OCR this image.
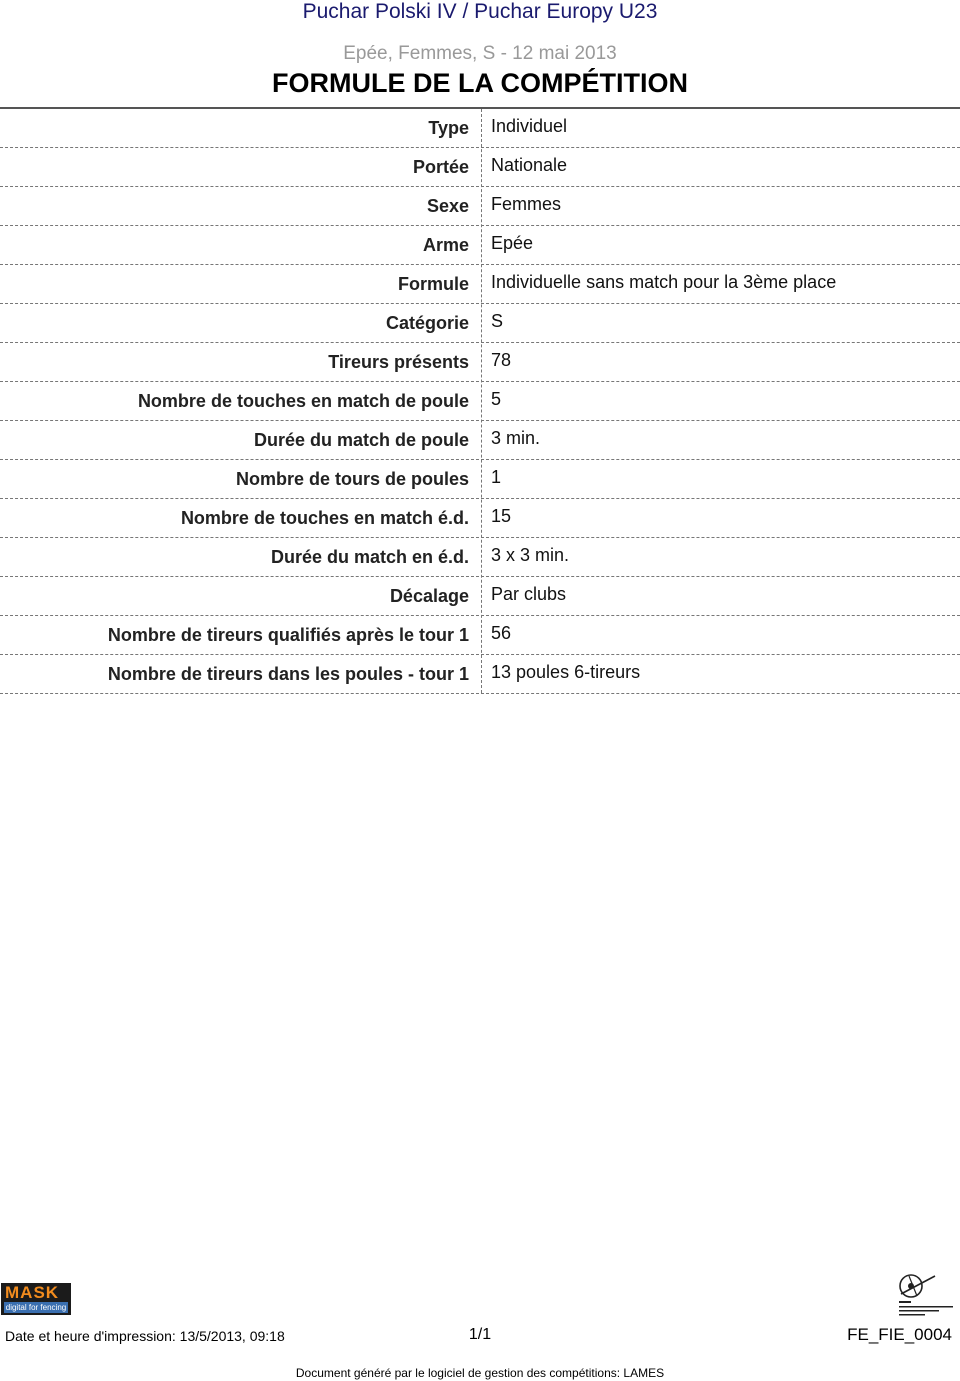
Puchar Polski IV / Puchar Europy U23
Epée, Femmes, S - 12 mai 2013
FORMULE DE LA COMPÉTITION
Type Individuel
Portée Nationale
Sexe Femmes
Arme Epée
Formule Individuelle sans match pour la 3ème place
Catégorie S
Tireurs présents 78
Nombre de touches en match de poule 5
Durée du match de poule 3 min.
Nombre de tours de poules 1
Nombre de touches en match é.d. 15
Durée du match en é.d. 3 x 3 min.
Décalage Par clubs
Nombre de tireurs qualifiés après le tour 1 56
Nombre de tireurs dans les poules - tour 1 13 poules 6-tireurs
MASK
digital for fencing
Date et heure d'impression: 13/5/2013, 09:18	1/1	FE_FIE_0004
Document généré par le logiciel de gestion des compétitions: LAMES
